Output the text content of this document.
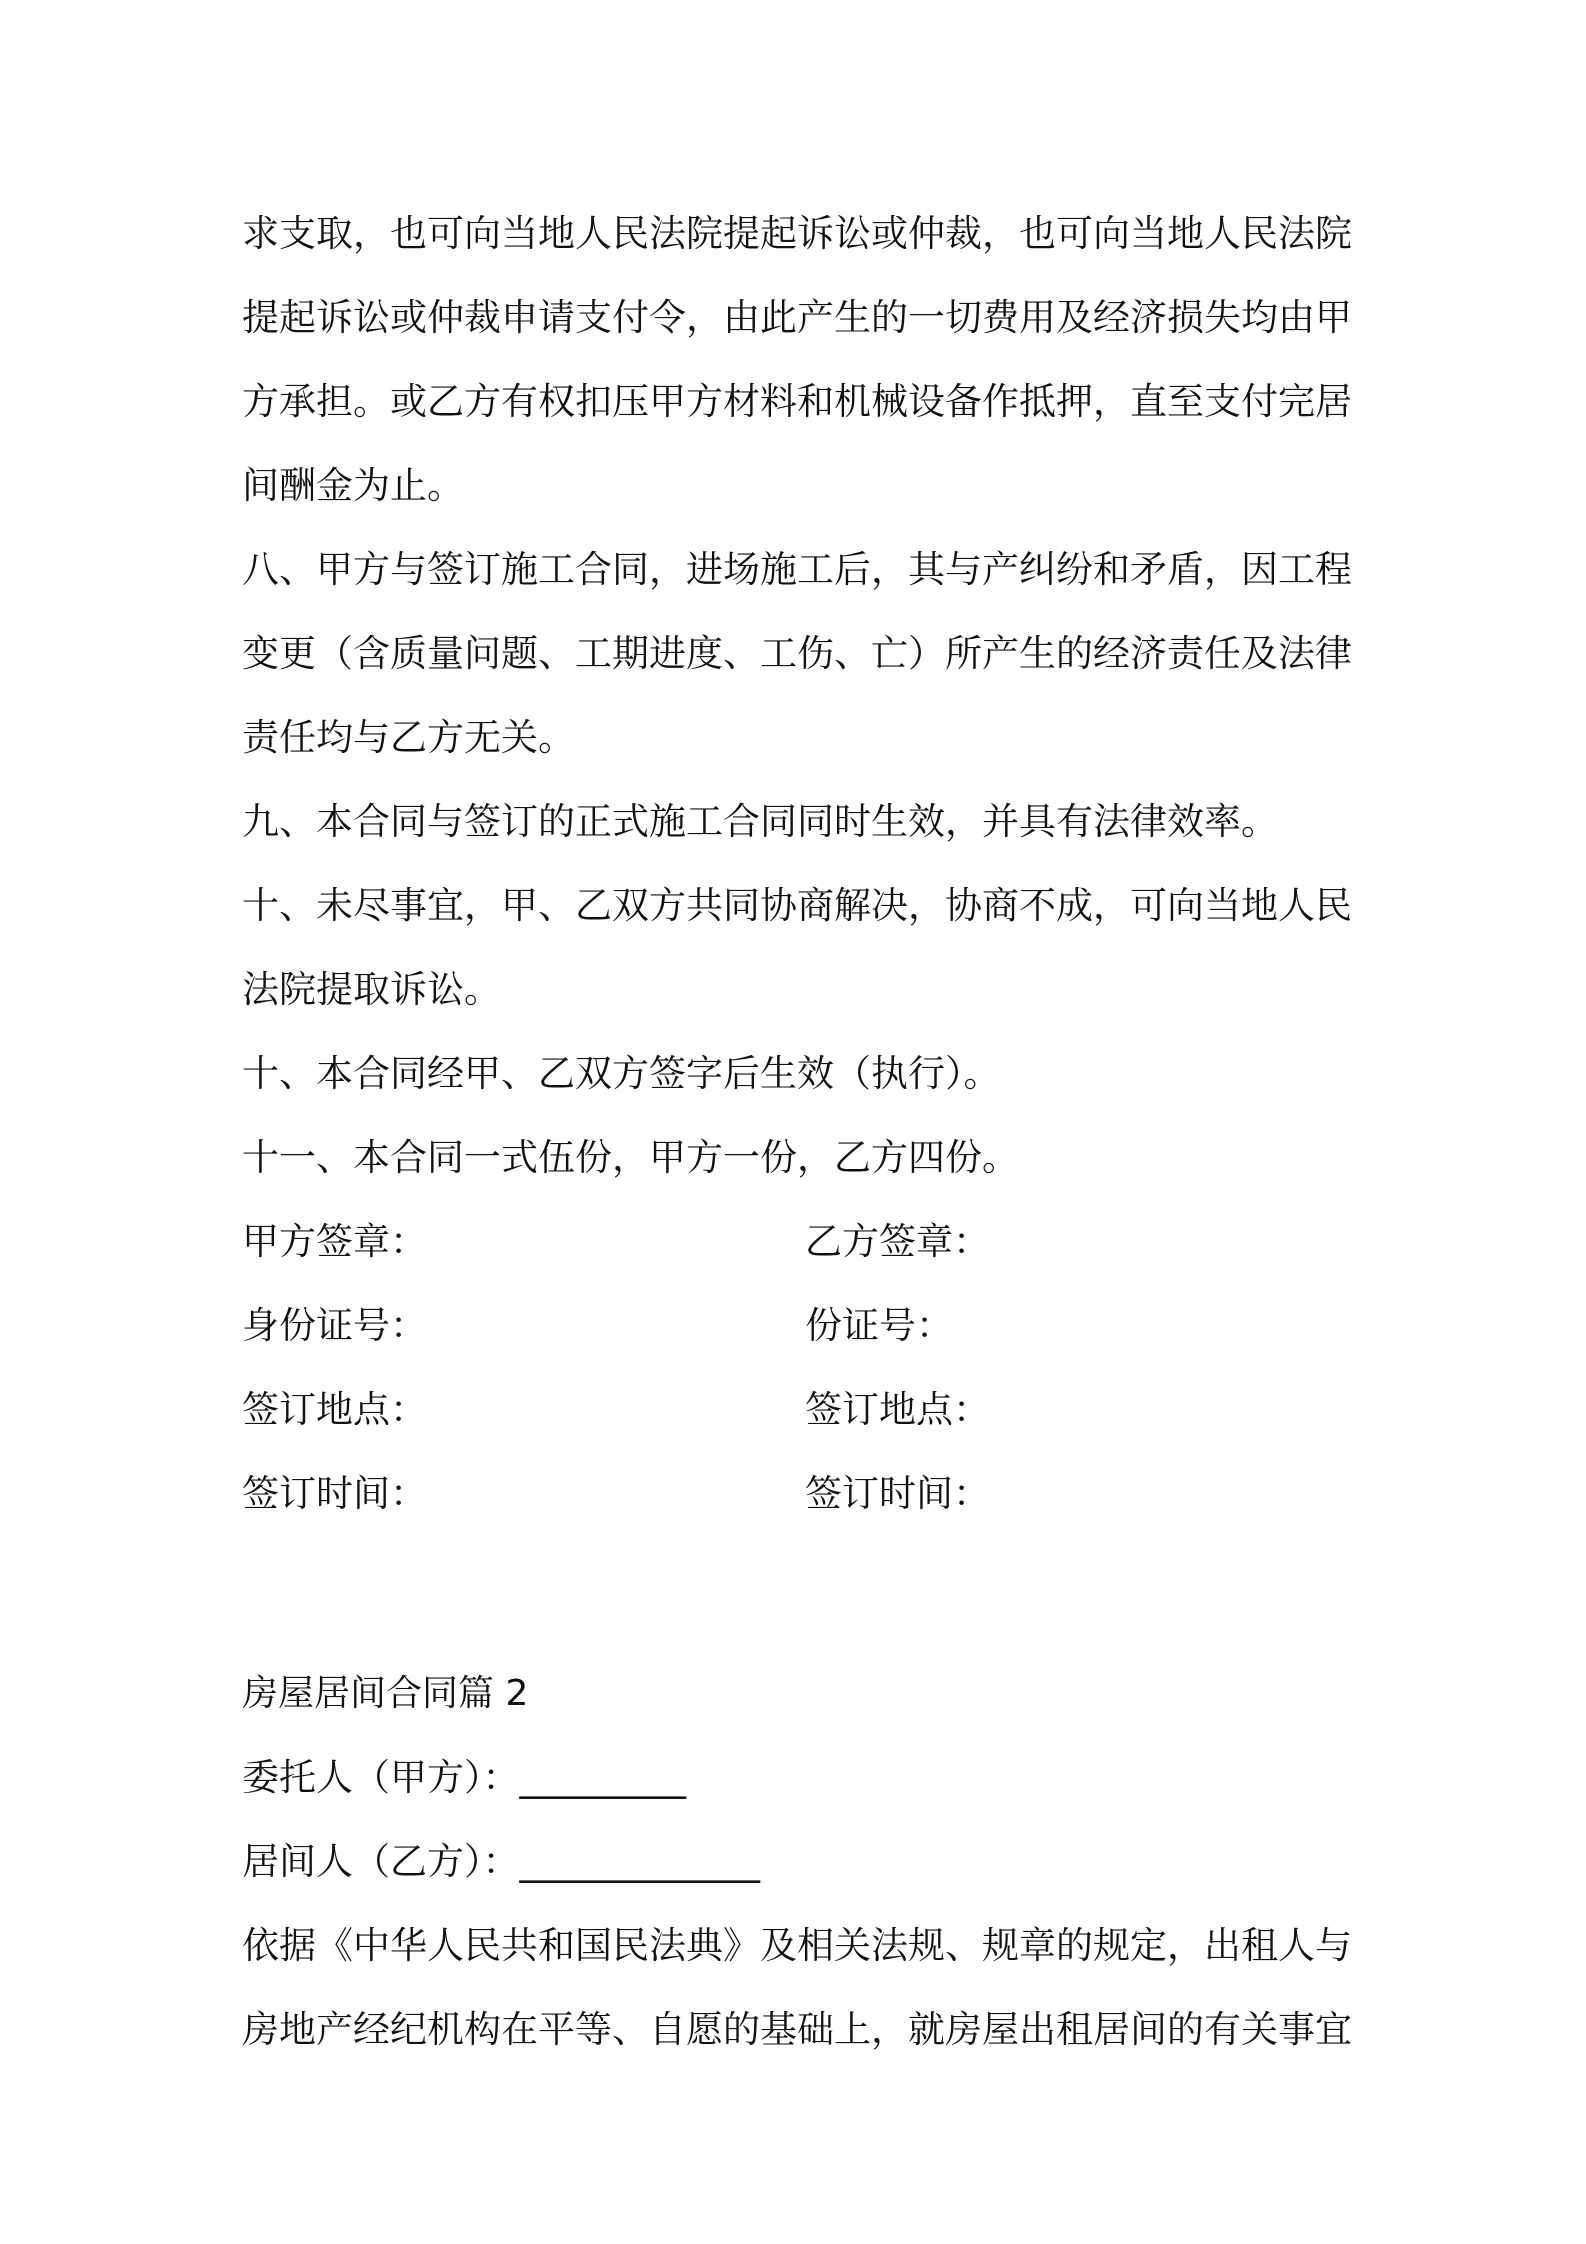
求支取，也可向当地人民法院提起诉讼或仲裁，也可向当地人民法院
提起诉讼或仲裁申请支付令，由此产生的一切费用及经济损失均由甲
方承担。或乙方有权扣压甲方材料和机械设备作抵押，直至支付完居
间酬金为止。
八、甲方与签订施工合同，进场施工后，其与产纠纷和矛盾，因工程
变更（含质量问题、工期进度、工伤、亡）所产生的经济责任及法律
责任均与乙方无关。
九、本合同与签订的正式施工合同同时生效，并具有法律效率。
十、未尽事宜，甲、乙双方共同协商解决，协商不成，可向当地人民
法院提取诉讼。
十、本合同经甲、乙双方签字后生效（执行）。
十一、本合同一式伍份，甲方一份，乙方四份。
甲方签章：	乙方签章：
身份证号：	份证号：
签订地点：	签订地点：
签订时间：	签订时间：
房屋居间合同篇 2
委托人（甲方）：_________
居间人（乙方）：_____________
依据《中华人民共和国民法典》及相关法规、规章的规定，出租人与
房地产经纪机构在平等、自愿的基础上，就房屋出租居间的有关事宜
